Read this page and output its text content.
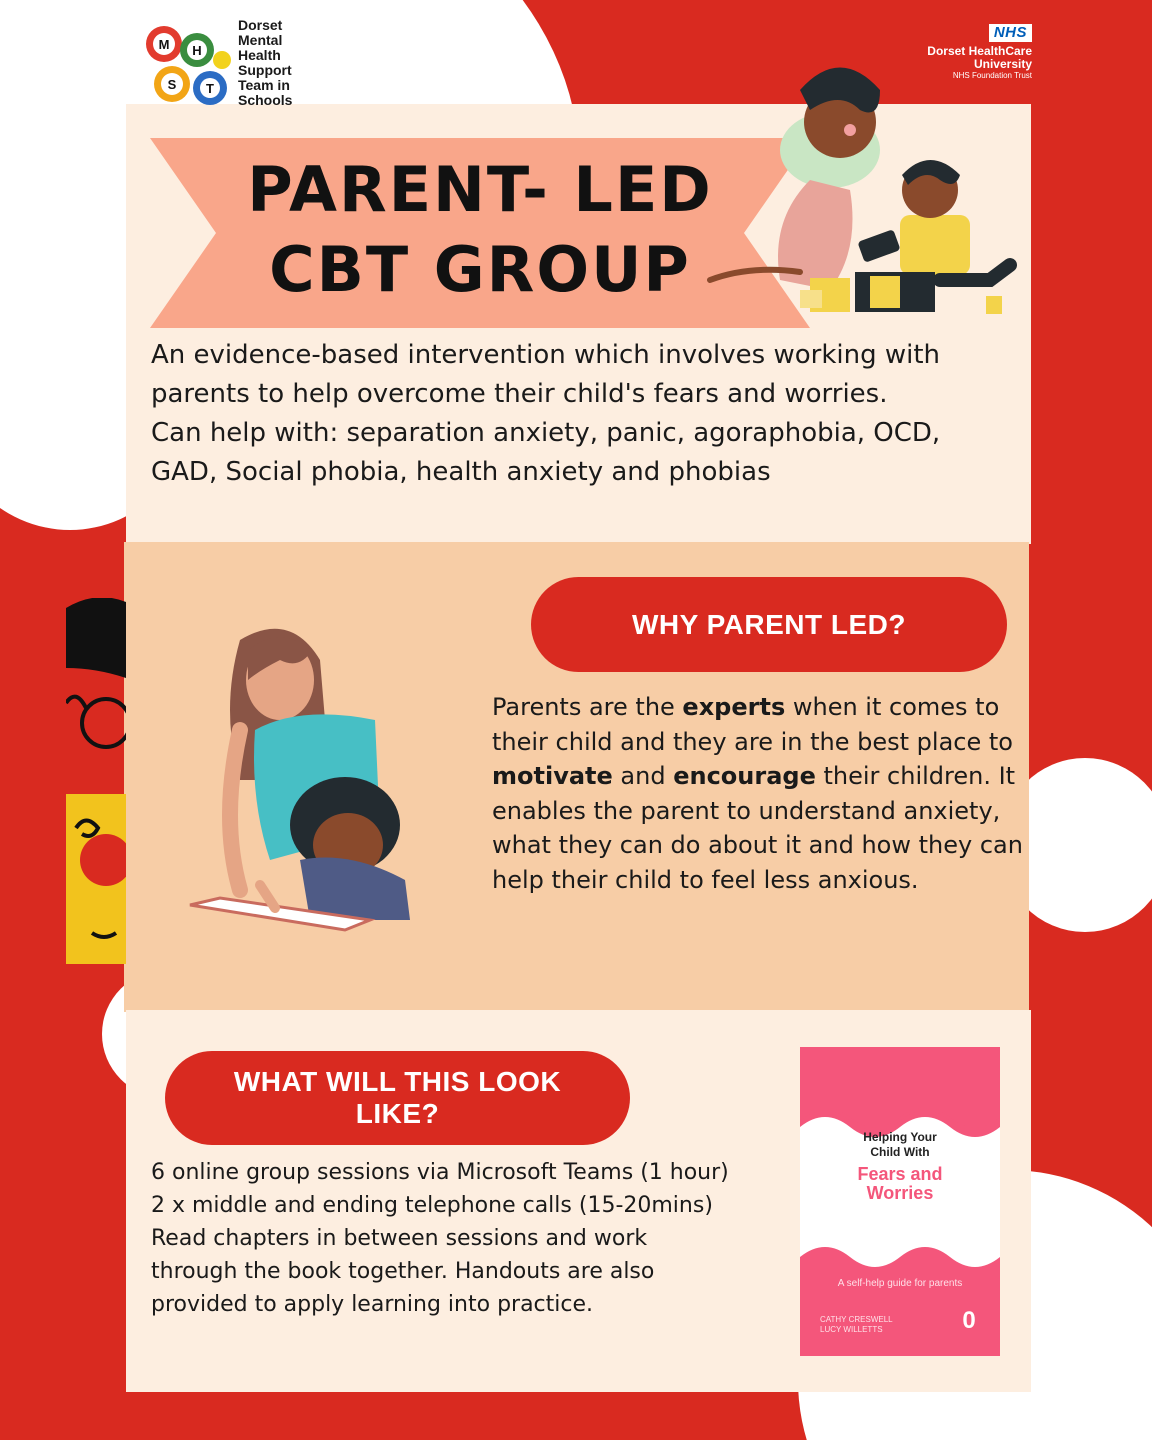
M H
S T
Dorset
Mental
Health
Support
Team in
Schools
NHS
Dorset HealthCare
University
NHS Foundation Trust
PARENT- LED
CBT GROUP
An evidence-based intervention which involves working with
parents to help overcome their child's fears and worries.
Can help with: separation anxiety, panic, agoraphobia, OCD,
GAD, Social phobia, health anxiety and phobias
WHY PARENT LED?
Parents are the experts when it comes to their child and they are in the best place to motivate and encourage their children. It enables the parent to understand anxiety, what they can do about it and how they can help their child to feel less anxious.
WHAT WILL THIS LOOK LIKE?
6 online group sessions via Microsoft Teams (1 hour)
2 x middle and ending telephone calls (15-20mins)
Read chapters in between sessions and work
through the book together. Handouts are also
provided to apply learning into practice.
Helping Your
Child With
Fears and
Worries
A self-help guide for parents
CATHY CRESWELL
LUCY WILLETTS	0
